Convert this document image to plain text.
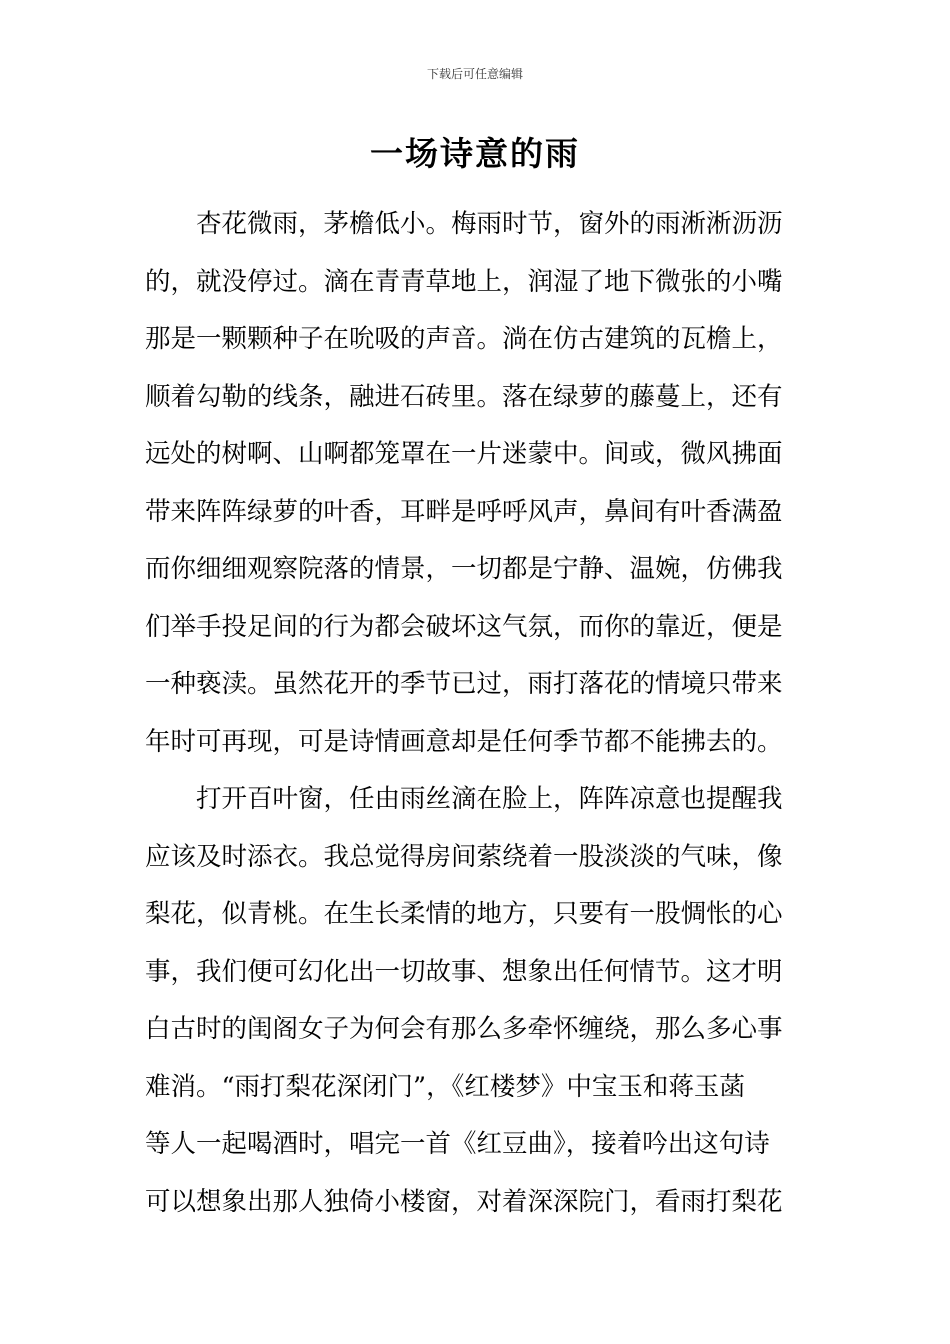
下载后可任意编辑
一场诗意的雨
杏花微雨，茅檐低小。梅雨时节，窗外的雨淅淅沥沥
的，就没停过。滴在青青草地上，润湿了地下微张的小嘴
那是一颗颗种子在吮吸的声音。淌在仿古建筑的瓦檐上，
顺着勾勒的线条，融进石砖里。落在绿萝的藤蔓上，还有
远处的树啊、山啊都笼罩在一片迷蒙中。间或，微风拂面
带来阵阵绿萝的叶香，耳畔是呼呼风声，鼻间有叶香满盈
而你细细观察院落的情景，一切都是宁静、温婉，仿佛我
们举手投足间的行为都会破坏这气氛，而你的靠近，便是
一种亵渎。虽然花开的季节已过，雨打落花的情境只带来
年时可再现，可是诗情画意却是任何季节都不能拂去的。
打开百叶窗，任由雨丝滴在脸上，阵阵凉意也提醒我
应该及时添衣。我总觉得房间萦绕着一股淡淡的气味，像
梨花，似青桃。在生长柔情的地方，只要有一股惆怅的心
事，我们便可幻化出一切故事、想象出任何情节。这才明
白古时的闺阁女子为何会有那么多牵怀缠绕，那么多心事
难消。“雨打梨花深闭门”，《红楼梦》中宝玉和蒋玉菡
等人一起喝酒时，唱完一首《红豆曲》，接着吟出这句诗
可以想象出那人独倚小楼窗，对着深深院门，看雨打梨花
